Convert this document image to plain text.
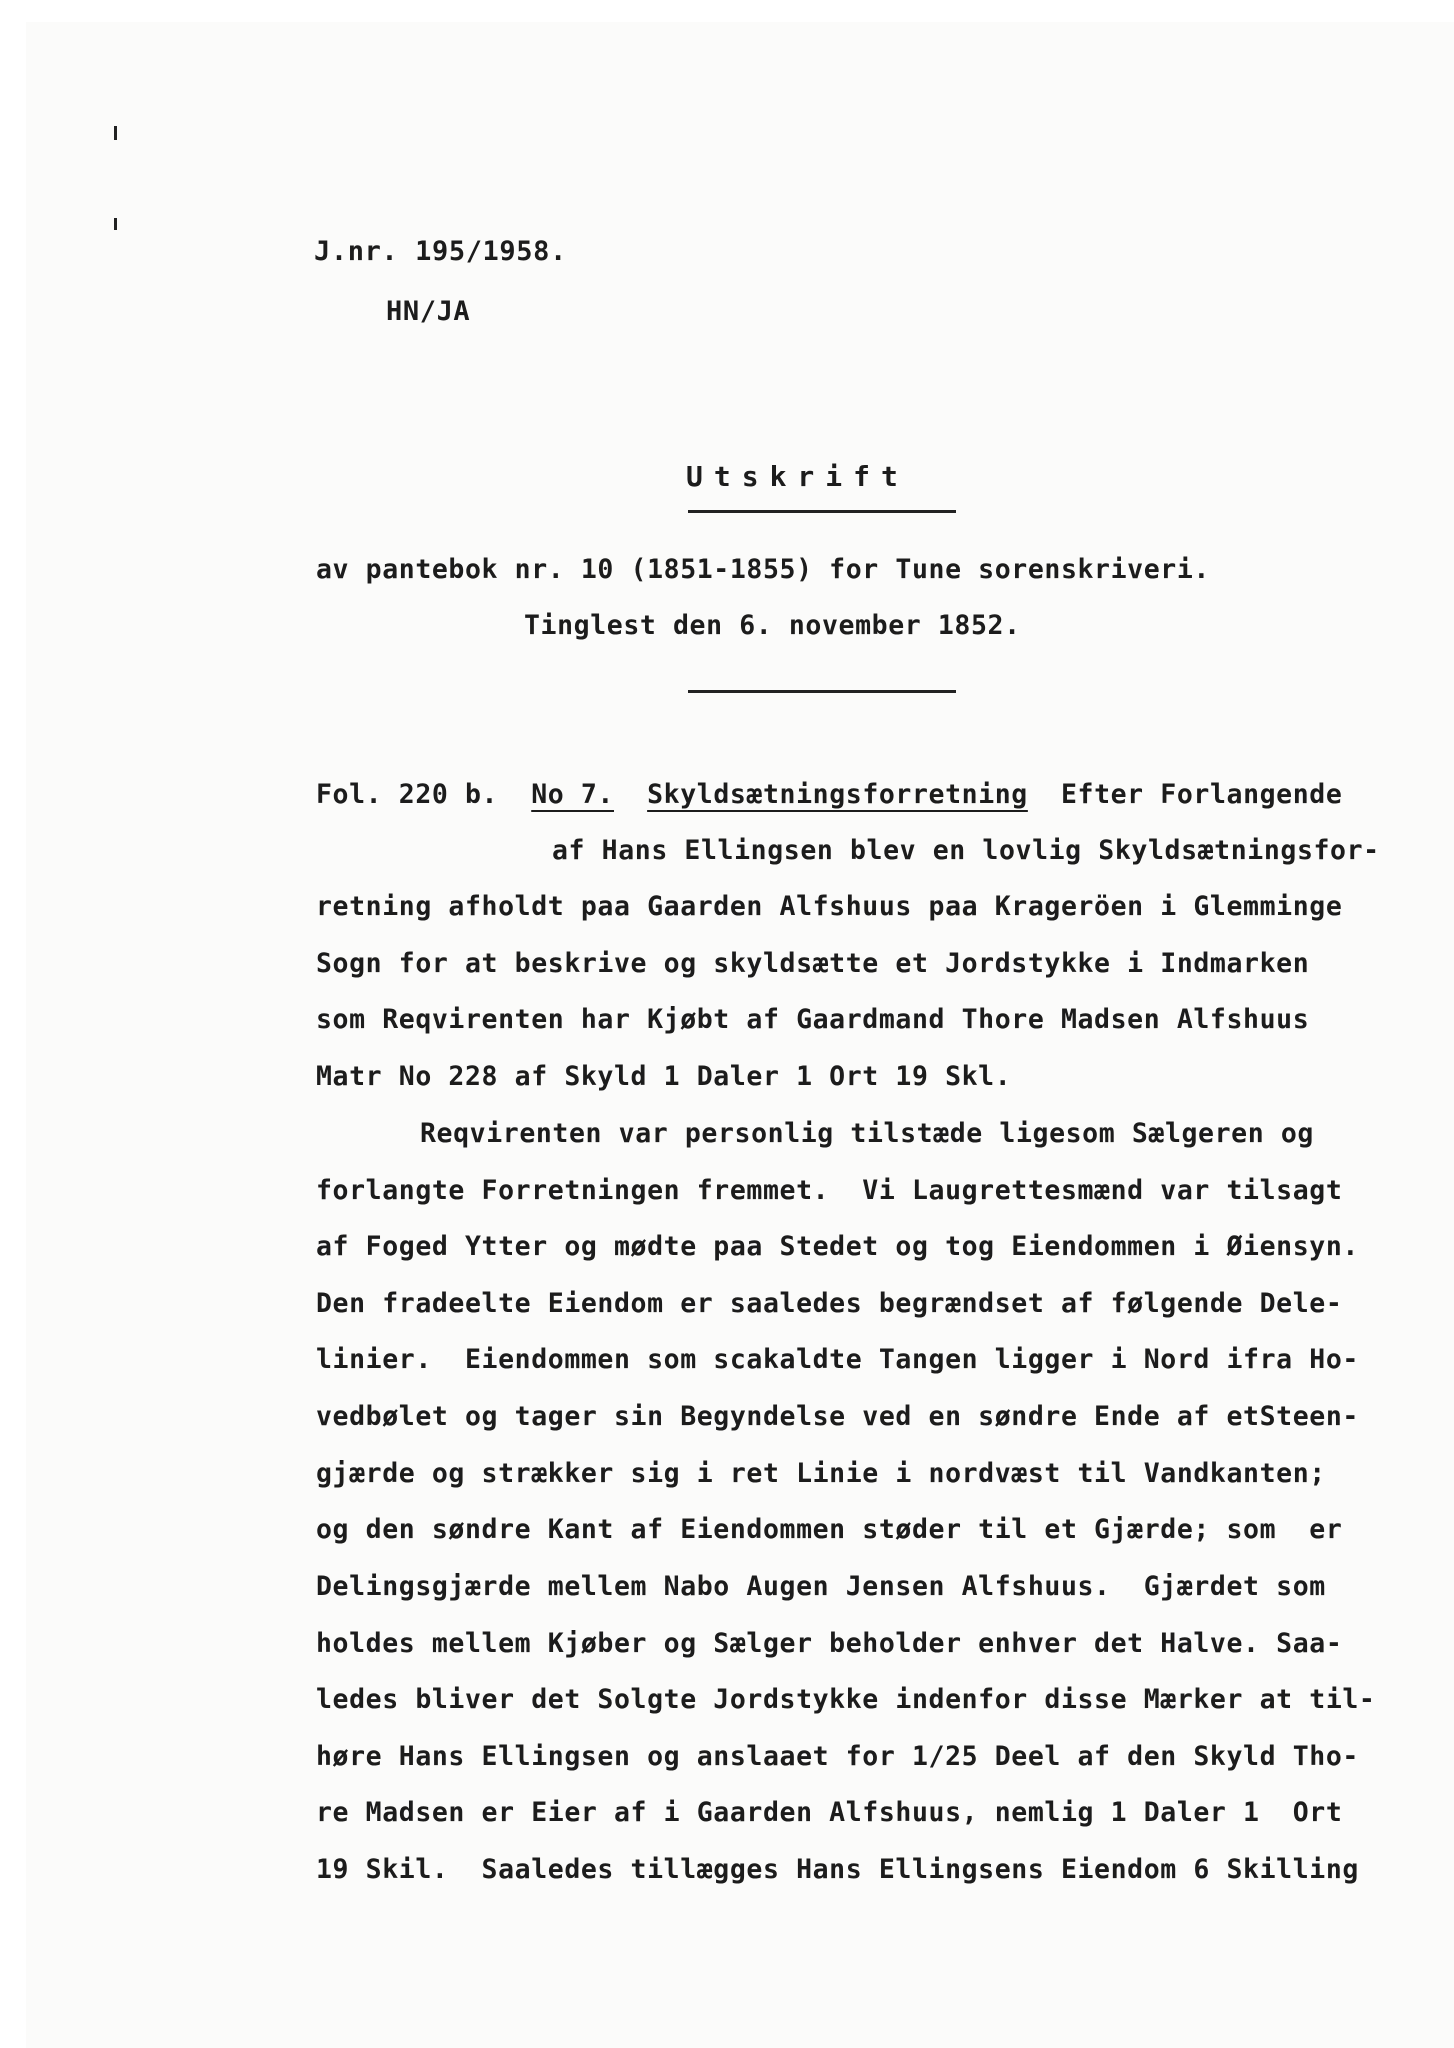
J.nr. 195/1958.
HN/JA
Utskrift
av pantebok nr. 10 (1851-1855) for Tune sorenskriveri.
Tinglest den 6. november 1852.
Fol. 220 b. No 7. Skyldsætningsforretning Efter Forlangende
af Hans Ellingsen blev en lovlig Skyldsætningsfor-
retning afholdt paa Gaarden Alfshuus paa Krageröen i Glemminge
Sogn for at beskrive og skyldsætte et Jordstykke i Indmarken
som Reqvirenten har Kjøbt af Gaardmand Thore Madsen Alfshuus
Matr No 228 af Skyld 1 Daler 1 Ort 19 Skl.
Reqvirenten var personlig tilstæde ligesom Sælgeren og
forlangte Forretningen fremmet.  Vi Laugrettesmænd var tilsagt
af Foged Ytter og mødte paa Stedet og tog Eiendommen i Øiensyn.
Den fradeelte Eiendom er saaledes begrændset af følgende Dele-
linier.  Eiendommen som scakaldte Tangen ligger i Nord ifra Ho-
vedbølet og tager sin Begyndelse ved en søndre Ende af etSteen-
gjærde og strækker sig i ret Linie i nordvæst til Vandkanten;
og den søndre Kant af Eiendommen støder til et Gjærde; som  er
Delingsgjærde mellem Nabo Augen Jensen Alfshuus.  Gjærdet som
holdes mellem Kjøber og Sælger beholder enhver det Halve. Saa-
ledes bliver det Solgte Jordstykke indenfor disse Mærker at til-
høre Hans Ellingsen og anslaaet for 1/25 Deel af den Skyld Tho-
re Madsen er Eier af i Gaarden Alfshuus, nemlig 1 Daler 1  Ort
19 Skil.  Saaledes tillægges Hans Ellingsens Eiendom 6 Skilling
